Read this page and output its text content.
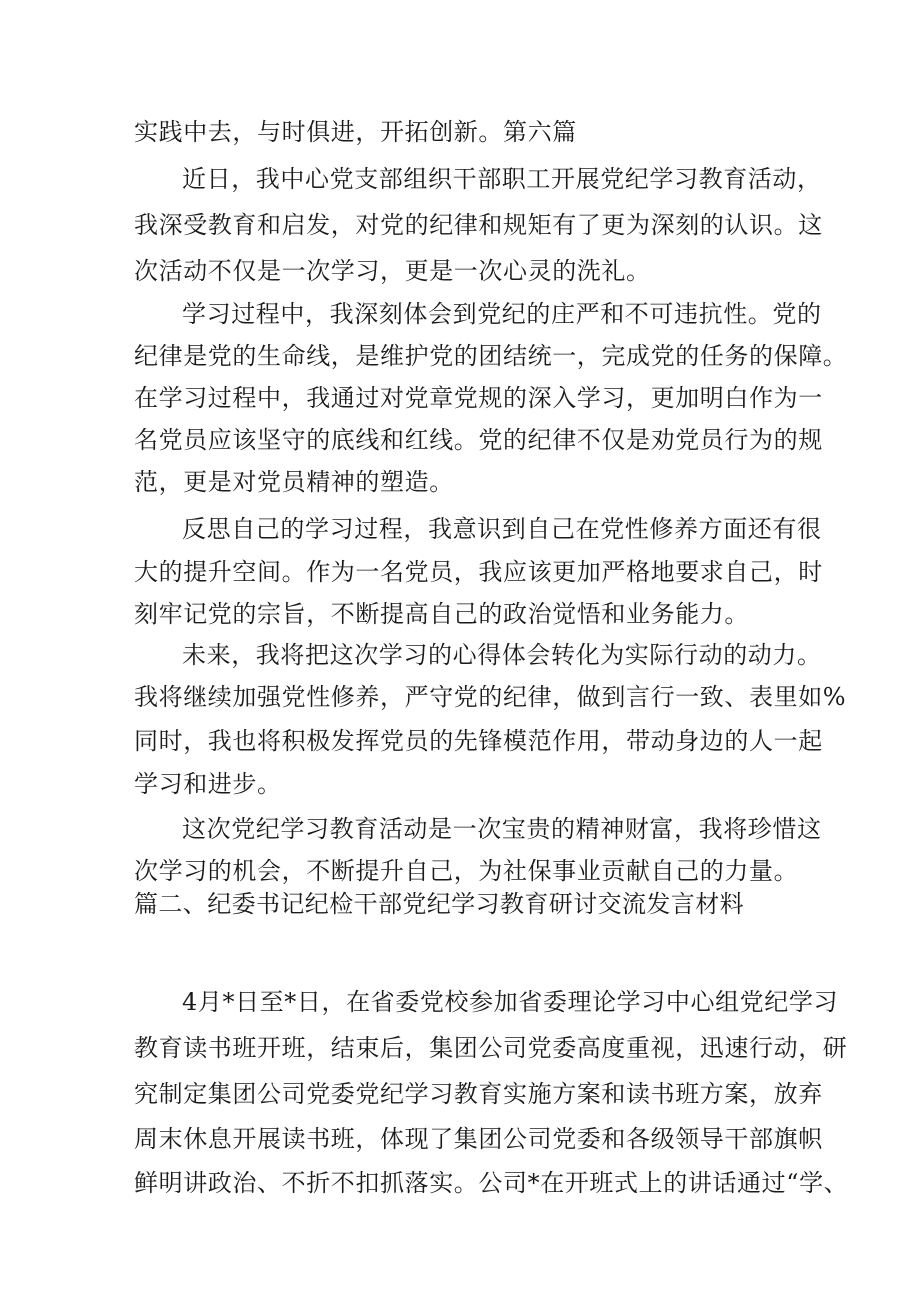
实践中去，与时俱进，开拓创新。第六篇

近日，我中心党支部组织干部职工开展党纪学习教育活动，

我深受教育和启发，对党的纪律和规矩有了更为深刻的认识。这

次活动不仅是一次学习，更是一次心灵的洗礼。

学习过程中，我深刻体会到党纪的庄严和不可违抗性。党的

纪律是党的生命线，是维护党的团结统一，完成党的任务的保障。

在学习过程中，我通过对党章党规的深入学习，更加明白作为一

名党员应该坚守的底线和红线。党的纪律不仅是劝党员行为的规

范，更是对党员精神的塑造。

反思自己的学习过程，我意识到自己在党性修养方面还有很

大的提升空间。作为一名党员，我应该更加严格地要求自己，时

刻牢记党的宗旨，不断提高自己的政治觉悟和业务能力。

未来，我将把这次学习的心得体会转化为实际行动的动力。

我将继续加强党性修养，严守党的纪律，做到言行一致、表里如%

同时，我也将积极发挥党员的先锋模范作用，带动身边的人一起

学习和进步。

这次党纪学习教育活动是一次宝贵的精神财富，我将珍惜这

次学习的机会，不断提升自己，为社保事业贡献自己的力量。

篇二、纪委书记纪检干部党纪学习教育研讨交流发言材料

4月*日至*日，在省委党校参加省委理论学习中心组党纪学习

教育读书班开班，结束后，集团公司党委高度重视，迅速行动，研

究制定集团公司党委党纪学习教育实施方案和读书班方案，放弃

周末休息开展读书班，体现了集团公司党委和各级领导干部旗帜

鲜明讲政治、不折不扣抓落实。公司*在开班式上的讲话通过“学、
